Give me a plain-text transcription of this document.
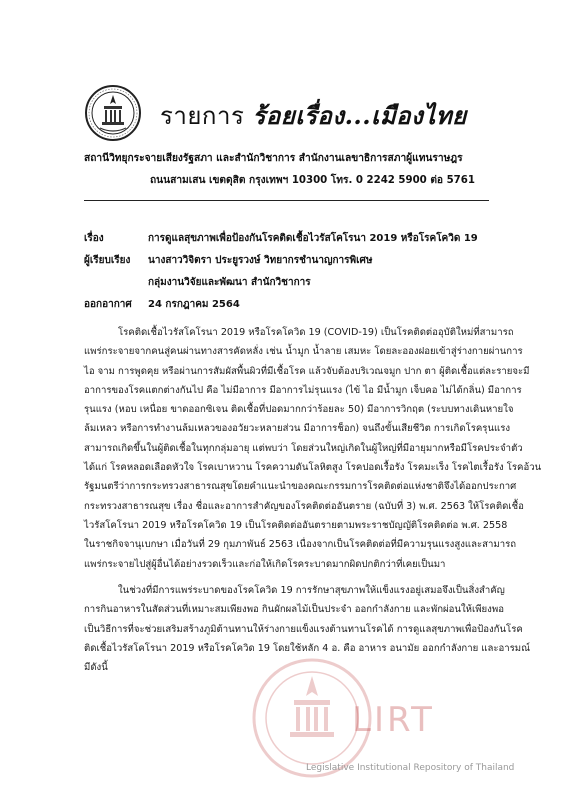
รายการ ร้อยเรื่อง...เมืองไทย
สถานีวิทยุกระจายเสียงรัฐสภา และสำนักวิชาการ สำนักงานเลขาธิการสภาผู้แทนราษฎร
ถนนสามเสน เขตดุสิต กรุงเทพฯ 10300 โทร. 0 2242 5900 ต่อ 5761
เรื่อง	การดูแลสุขภาพเพื่อป้องกันโรคติดเชื้อไวรัสโคโรนา 2019 หรือโรคโควิด 19
ผู้เรียบเรียง นางสาววิจิตรา ประยูรวงษ์ วิทยากรชำนาญการพิเศษ
กลุ่มงานวิจัยและพัฒนา สำนักวิชาการ
ออกอากาศ 24 กรกฎาคม 2564
โรคติดเชื้อไวรัสโคโรนา 2019 หรือโรคโควิด 19 (COVID-19) เป็นโรคติดต่ออุบัติใหม่ที่สามารถ
แพร่กระจายจากคนสู่คนผ่านทางสารคัดหลั่ง เช่น น้ำมูก น้ำลาย เสมหะ โดยละอองฝอยเข้าสู่ร่างกายผ่านการ
ไอ จาม การพูดคุย หรือผ่านการสัมผัสพื้นผิวที่มีเชื้อโรค แล้วจับต้องบริเวณจมูก ปาก ตา ผู้ติดเชื้อแต่ละรายจะมี
อาการของโรคแตกต่างกันไป คือ ไม่มีอาการ มีอาการไม่รุนแรง (ไข้ ไอ มีน้ำมูก เจ็บคอ ไม่ได้กลิ่น) มีอาการ
รุนแรง (หอบ เหนื่อย ขาดออกซิเจน ติดเชื้อที่ปอดมากกว่าร้อยละ 50) มีอาการวิกฤต (ระบบทางเดินหายใจ
ล้มเหลว หรือการทำงานล้มเหลวของอวัยวะหลายส่วน มีอาการช็อก) จนถึงขั้นเสียชีวิต การเกิดโรครุนแรง
สามารถเกิดขึ้นในผู้ติดเชื้อในทุกกลุ่มอายุ แต่พบว่า โดยส่วนใหญ่เกิดในผู้ใหญ่ที่มีอายุมากหรือมีโรคประจำตัว
ได้แก่ โรคหลอดเลือดหัวใจ โรคเบาหวาน โรคความดันโลหิตสูง โรคปอดเรื้อรัง โรคมะเร็ง โรคไตเรื้อรัง โรคอ้วน
รัฐมนตรีว่าการกระทรวงสาธารณสุขโดยคำแนะนำของคณะกรรมการโรคติดต่อแห่งชาติจึงได้ออกประกาศ
กระทรวงสาธารณสุข เรื่อง ชื่อและอาการสำคัญของโรคติดต่ออันตราย (ฉบับที่ 3) พ.ศ. 2563 ให้โรคติดเชื้อ
ไวรัสโคโรนา 2019 หรือโรคโควิด 19 เป็นโรคติดต่ออันตรายตามพระราชบัญญัติโรคติดต่อ พ.ศ. 2558
ในราชกิจจานุเบกษา เมื่อวันที่ 29 กุมภาพันธ์ 2563 เนื่องจากเป็นโรคติดต่อที่มีความรุนแรงสูงและสามารถ
แพร่กระจายไปสู่ผู้อื่นได้อย่างรวดเร็วและก่อให้เกิดโรคระบาดมากผิดปกติกว่าที่เคยเป็นมา
ในช่วงที่มีการแพร่ระบาดของโรคโควิด 19 การรักษาสุขภาพให้แข็งแรงอยู่เสมอจึงเป็นสิ่งสำคัญ
การกินอาหารในสัดส่วนที่เหมาะสมเพียงพอ กินผักผลไม้เป็นประจำ ออกกำลังกาย และพักผ่อนให้เพียงพอ
เป็นวิธีการที่จะช่วยเสริมสร้างภูมิต้านทานให้ร่างกายแข็งแรงต้านทานโรคได้ การดูแลสุขภาพเพื่อป้องกันโรค
ติดเชื้อไวรัสโคโรนา 2019 หรือโรคโควิด 19 โดยใช้หลัก 4 อ. คือ อาหาร อนามัย ออกกำลังกาย และอารมณ์
มีดังนี้
LIRT
Legislative Institutional Repository of Thailand
